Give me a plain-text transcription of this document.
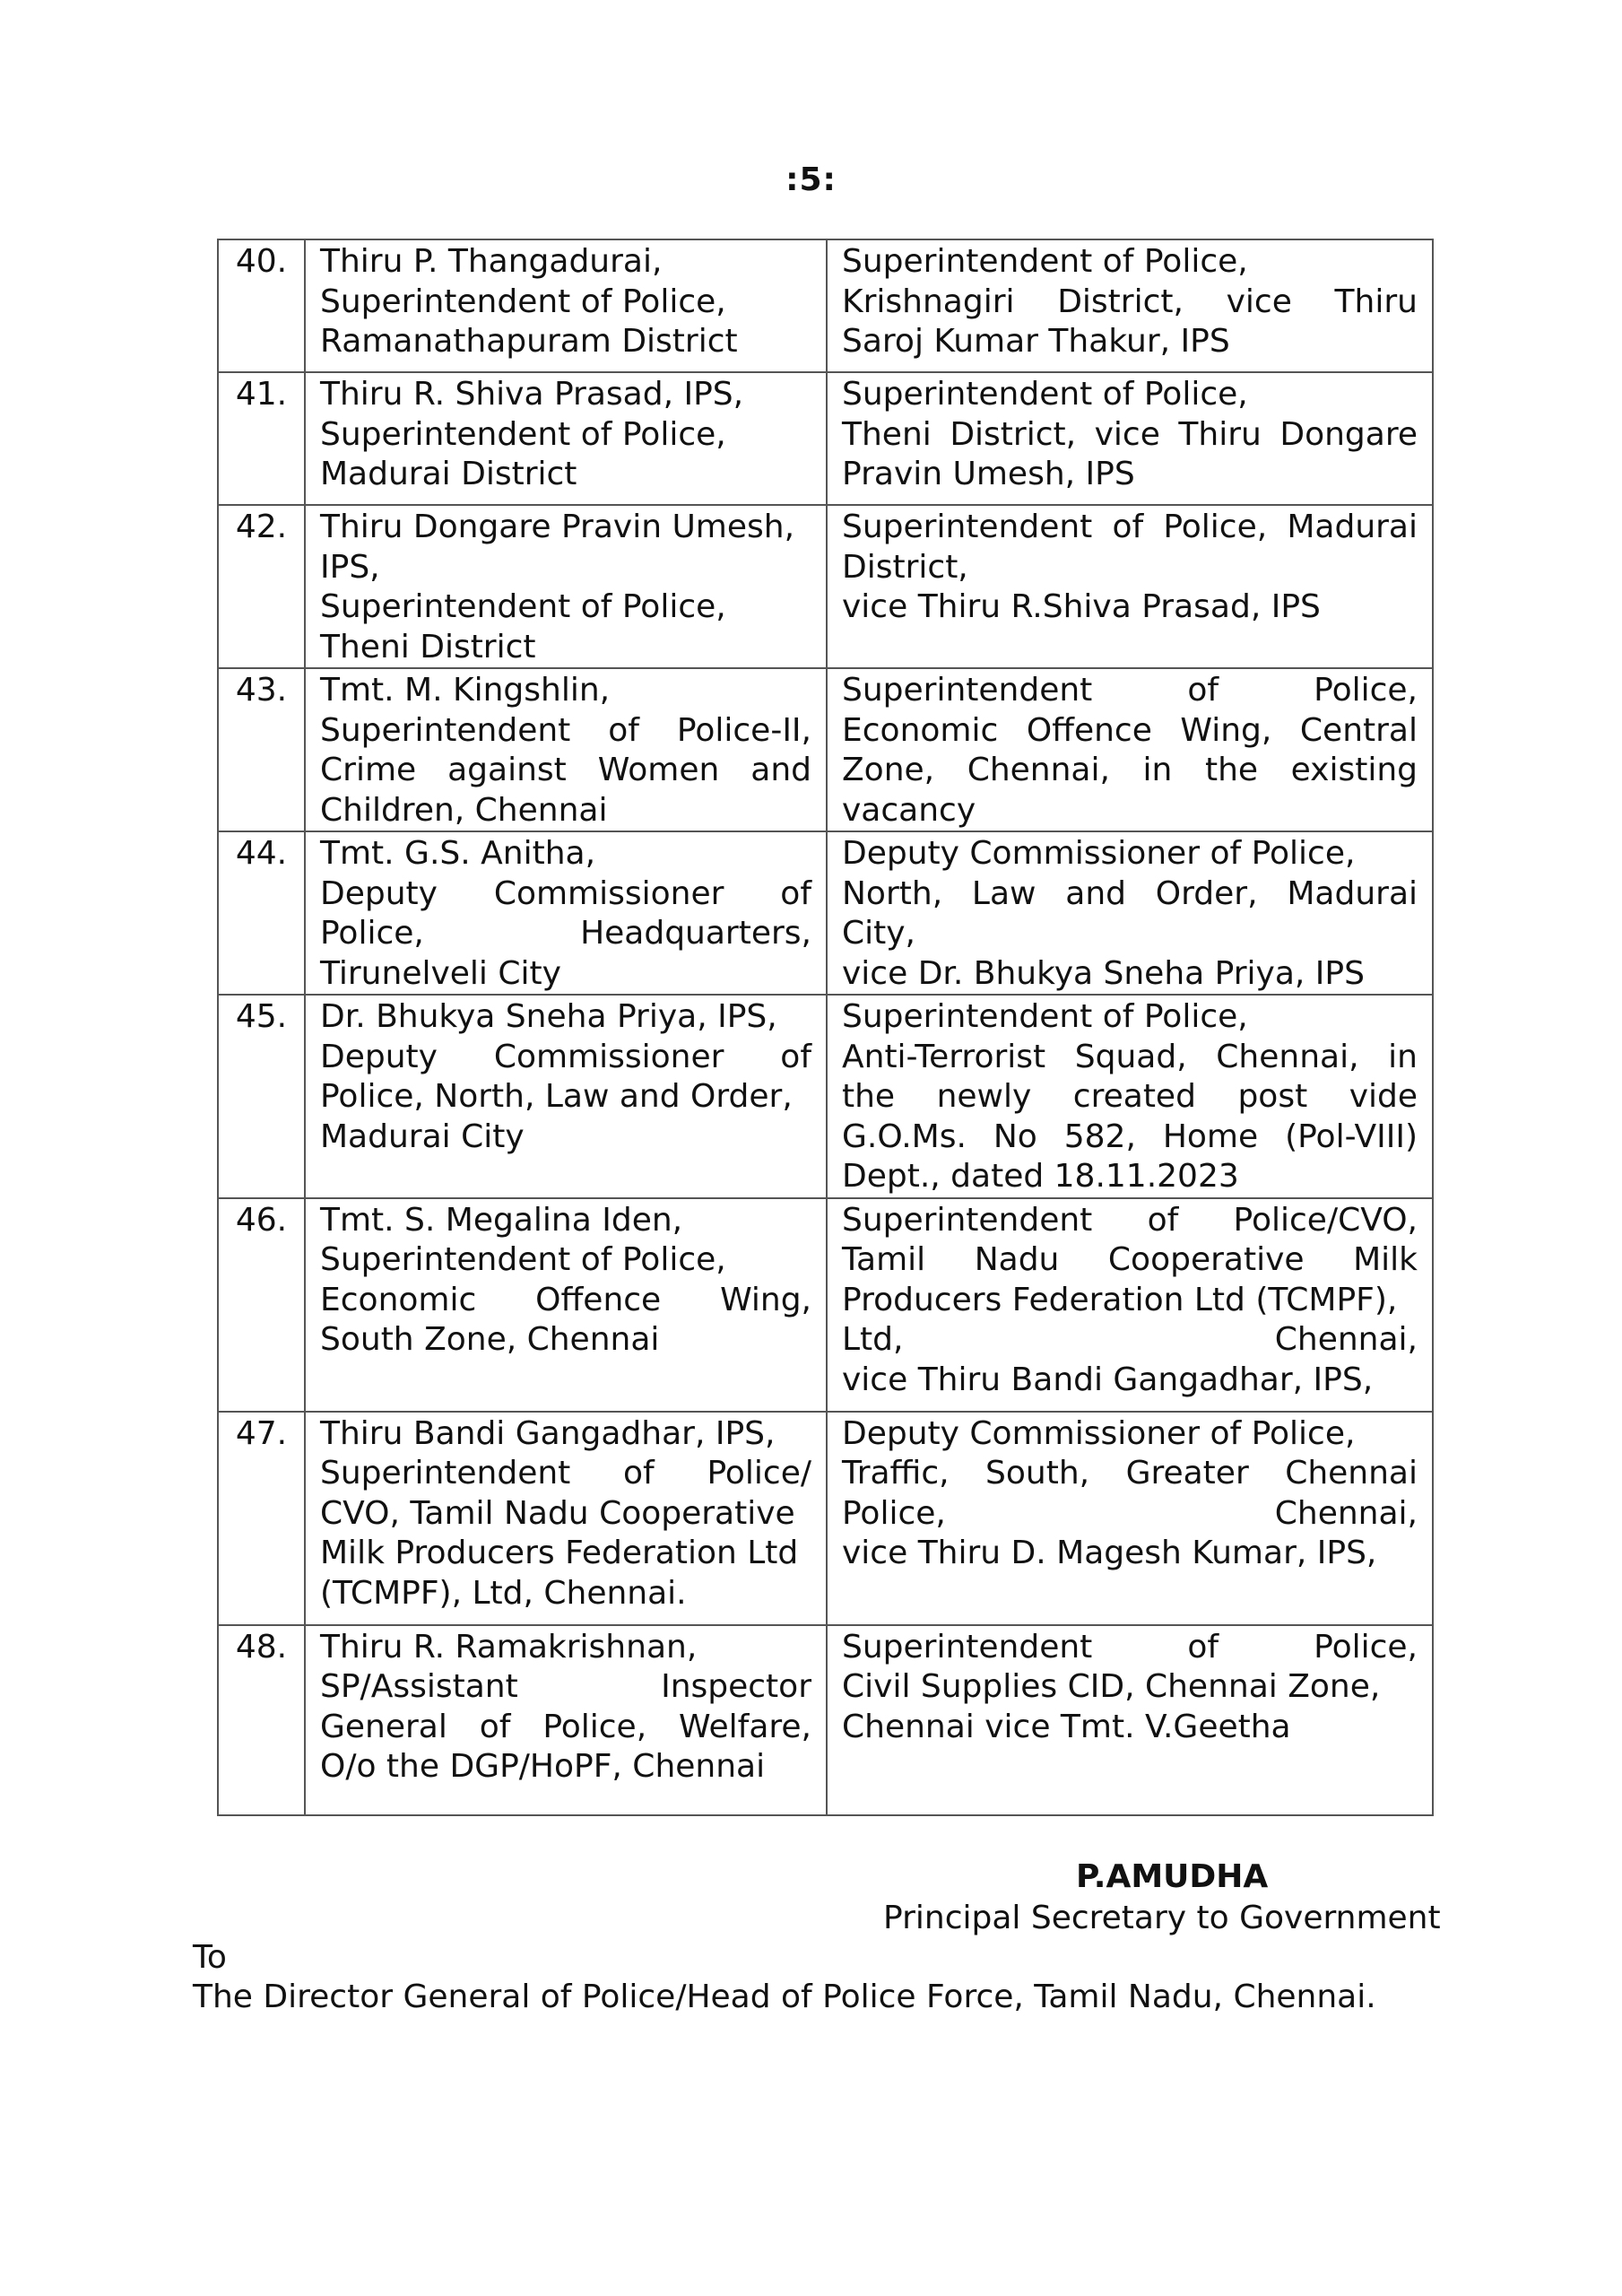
:5:
40.	Thiru P. Thangadurai,
Superintendent of Police,
Ramanathapuram District	Superintendent of Police,
Krishnagiri District, vice Thiru
Saroj Kumar Thakur, IPS

41.	Thiru R. Shiva Prasad, IPS,
Superintendent of Police,
Madurai District	Superintendent of Police,
Theni District, vice Thiru Dongare
Pravin Umesh, IPS

42.	Thiru Dongare Pravin Umesh,
IPS,
Superintendent of Police,
Theni District	Superintendent of Police, Madurai
District,
vice Thiru R.Shiva Prasad, IPS

43.	Tmt. M. Kingshlin,
Superintendent of Police-II,
Crime against Women and
Children, Chennai	Superintendent of Police,
Economic Offence Wing, Central
Zone, Chennai, in the existing
vacancy

44.	Tmt. G.S. Anitha,
Deputy Commissioner of
Police, Headquarters,
Tirunelveli City	Deputy Commissioner of Police,
North, Law and Order, Madurai
City,
vice Dr. Bhukya Sneha Priya, IPS

45.	Dr. Bhukya Sneha Priya, IPS,
Deputy Commissioner of
Police, North, Law and Order,
Madurai City	Superintendent of Police,
Anti-Terrorist Squad, Chennai, in
the newly created post vide
G.O.Ms. No 582, Home (Pol-VIII)
Dept., dated 18.11.2023

46.	Tmt. S. Megalina Iden,
Superintendent of Police,
Economic Offence Wing,
South Zone, Chennai	Superintendent of Police/CVO,
Tamil Nadu Cooperative Milk
Producers Federation Ltd (TCMPF),
Ltd, Chennai,
vice Thiru Bandi Gangadhar, IPS,

47.	Thiru Bandi Gangadhar, IPS,
Superintendent of Police/
CVO, Tamil Nadu Cooperative
Milk Producers Federation Ltd
(TCMPF), Ltd, Chennai.	Deputy Commissioner of Police,
Traffic, South, Greater Chennai
Police, Chennai,
vice Thiru D. Magesh Kumar, IPS,

48.	Thiru R. Ramakrishnan,
SP/Assistant Inspector
General of Police, Welfare,
O/o the DGP/HoPF, Chennai	Superintendent of Police,
Civil Supplies CID, Chennai Zone,
Chennai vice Tmt. V.Geetha
P.AMUDHA
Principal Secretary to Government
To
The Director General of Police/Head of Police Force, Tamil Nadu, Chennai.
